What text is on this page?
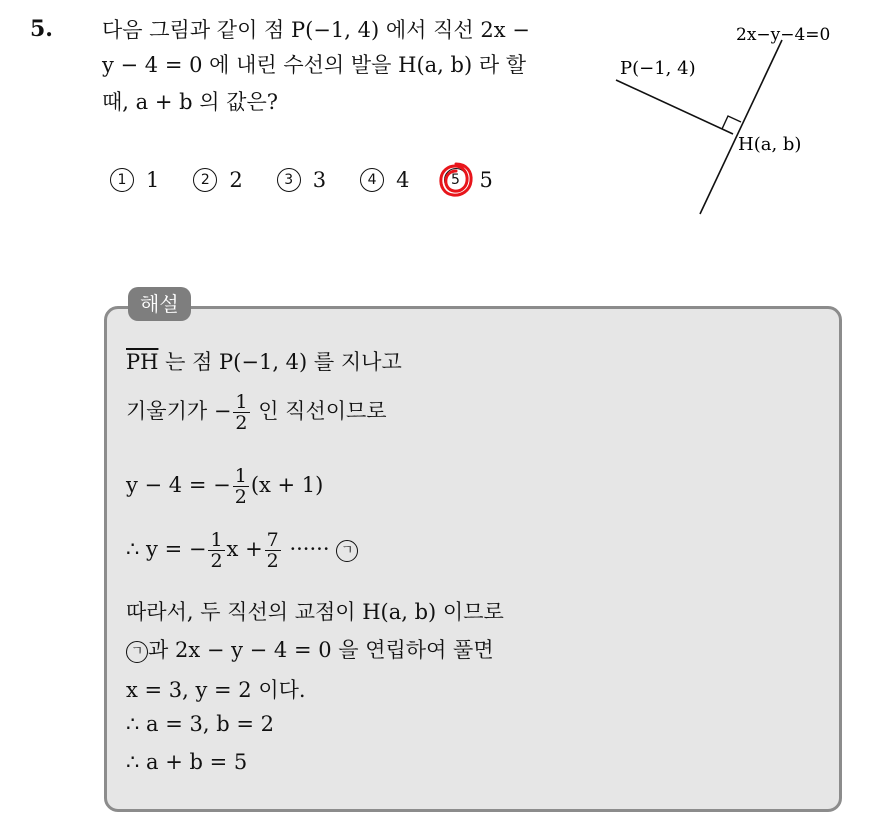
5. 다음 그림과 같이 점 P(−1, 4) 에서 직선 2x −
y − 4 = 0 에 내린 수선의 발을 H(a, b) 라 할
때, a + b 의 값은?
1 1	2 2	3 3	4 4	5 5
2x−y−4=0
P(−1, 4)
H(a, b)
해설
$\overline{PH}$ 는 점 P(−1, 4) 를 지나고
기울기가 − $\frac{1}{2}$ 인 직선이므로
y − 4 = − $\frac{1}{2} (x + 1)$
∴ y = − $\frac{1}{2}$ $x + \frac{7}{2}$ ······ ㄱ
따라서, 두 직선의 교점이 H(a, b) 이므로
ㄱ 과 2x − y − 4 = 0 을 연립하여 풀면
x = 3, y = 2 이다.
∴ a = 3, b = 2
∴ a + b = 5
